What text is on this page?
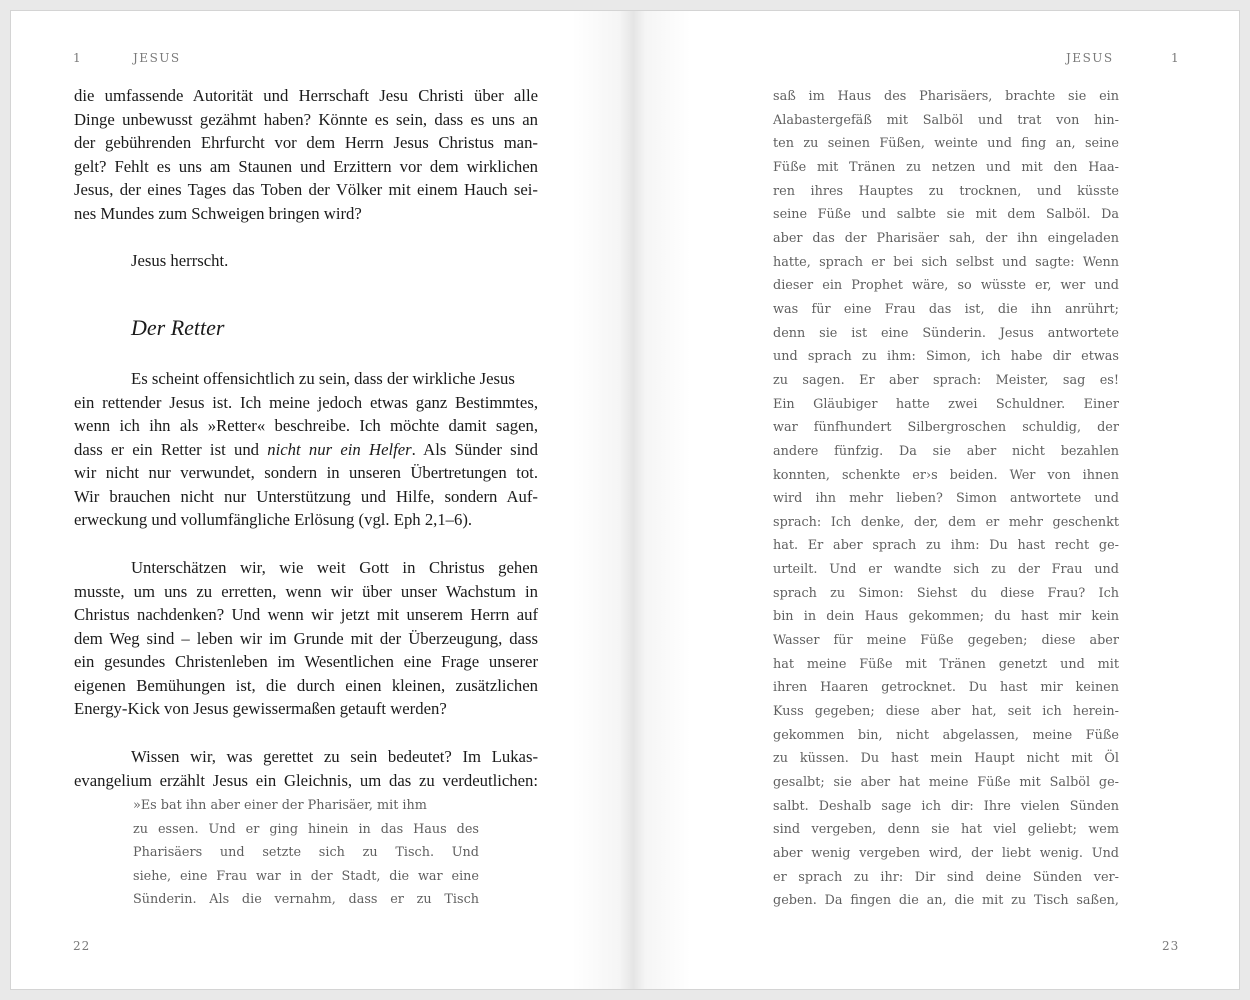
1	JESUS
die umfassende Autorität und Herrschaft Jesu Christi über alle
Dinge unbewusst gezähmt haben? Könnte es sein, dass es uns an
der gebührenden Ehrfurcht vor dem Herrn Jesus Christus man-
gelt? Fehlt es uns am Staunen und Erzittern vor dem wirklichen
Jesus, der eines Tages das Toben der Völker mit einem Hauch sei-
nes Mundes zum Schweigen bringen wird?
Jesus herrscht.
Der Retter
Es scheint offensichtlich zu sein, dass der wirkliche Jesus
ein rettender Jesus ist. Ich meine jedoch etwas ganz Bestimmtes,
wenn ich ihn als »Retter« beschreibe. Ich möchte damit sagen,
dass er ein Retter ist und nicht nur ein Helfer. Als Sünder sind
wir nicht nur verwundet, sondern in unseren Übertretungen tot.
Wir brauchen nicht nur Unterstützung und Hilfe, sondern Auf-
erweckung und vollumfängliche Erlösung (vgl. Eph 2,1–6).
Unterschätzen wir, wie weit Gott in Christus gehen
musste, um uns zu erretten, wenn wir über unser Wachstum in
Christus nachdenken? Und wenn wir jetzt mit unserem Herrn auf
dem Weg sind – leben wir im Grunde mit der Überzeugung, dass
ein gesundes Christenleben im Wesentlichen eine Frage unserer
eigenen Bemühungen ist, die durch einen kleinen, zusätzlichen
Energy-Kick von Jesus gewissermaßen getauft werden?
Wissen wir, was gerettet zu sein bedeutet? Im Lukas-
evangelium erzählt Jesus ein Gleichnis, um das zu verdeutlichen:
»Es bat ihn aber einer der Pharisäer, mit ihm
zu essen. Und er ging hinein in das Haus des
Pharisäers und setzte sich zu Tisch. Und
siehe, eine Frau war in der Stadt, die war eine
Sünderin. Als die vernahm, dass er zu Tisch
22
JESUS	1
saß im Haus des Pharisäers, brachte sie ein
Alabastergefäß mit Salböl und trat von hin-
ten zu seinen Füßen, weinte und fing an, seine
Füße mit Tränen zu netzen und mit den Haa-
ren ihres Hauptes zu trocknen, und küsste
seine Füße und salbte sie mit dem Salböl. Da
aber das der Pharisäer sah, der ihn eingeladen
hatte, sprach er bei sich selbst und sagte: Wenn
dieser ein Prophet wäre, so wüsste er, wer und
was für eine Frau das ist, die ihn anrührt;
denn sie ist eine Sünderin. Jesus antwortete
und sprach zu ihm: Simon, ich habe dir etwas
zu sagen. Er aber sprach: Meister, sag es!
Ein Gläubiger hatte zwei Schuldner. Einer
war fünfhundert Silbergroschen schuldig, der
andere fünfzig. Da sie aber nicht bezahlen
konnten, schenkte er›s beiden. Wer von ihnen
wird ihn mehr lieben? Simon antwortete und
sprach: Ich denke, der, dem er mehr geschenkt
hat. Er aber sprach zu ihm: Du hast recht ge-
urteilt. Und er wandte sich zu der Frau und
sprach zu Simon: Siehst du diese Frau? Ich
bin in dein Haus gekommen; du hast mir kein
Wasser für meine Füße gegeben; diese aber
hat meine Füße mit Tränen genetzt und mit
ihren Haaren getrocknet. Du hast mir keinen
Kuss gegeben; diese aber hat, seit ich herein-
gekommen bin, nicht abgelassen, meine Füße
zu küssen. Du hast mein Haupt nicht mit Öl
gesalbt; sie aber hat meine Füße mit Salböl ge-
salbt. Deshalb sage ich dir: Ihre vielen Sünden
sind vergeben, denn sie hat viel geliebt; wem
aber wenig vergeben wird, der liebt wenig. Und
er sprach zu ihr: Dir sind deine Sünden ver-
geben. Da fingen die an, die mit zu Tisch saßen,
23
